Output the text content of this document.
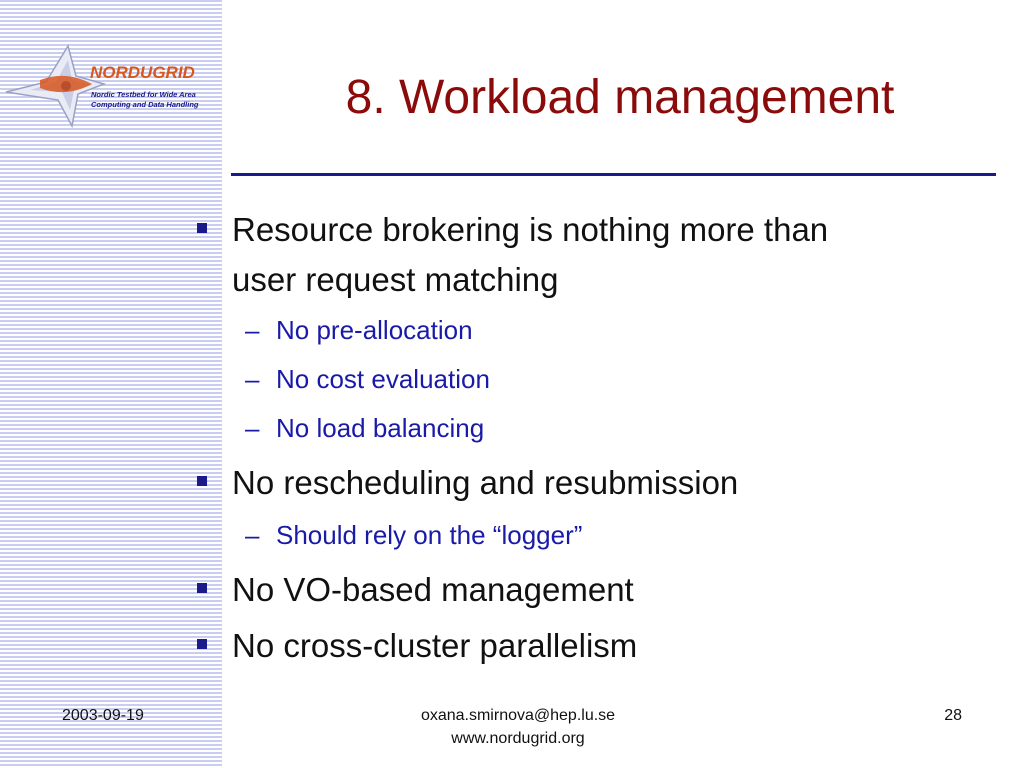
NORDUGRID
Nordic Testbed for Wide Area
Computing and Data Handling	8. Workload management
Resource brokering is nothing more than
user request matching
– No pre-allocation
– No cost evaluation
– No load balancing
No rescheduling and resubmission
– Should rely on the “logger”
No VO-based management
No cross-cluster parallelism
2003-09-19	oxana.smirnova@hep.lu.se
www.nordugrid.org
28
